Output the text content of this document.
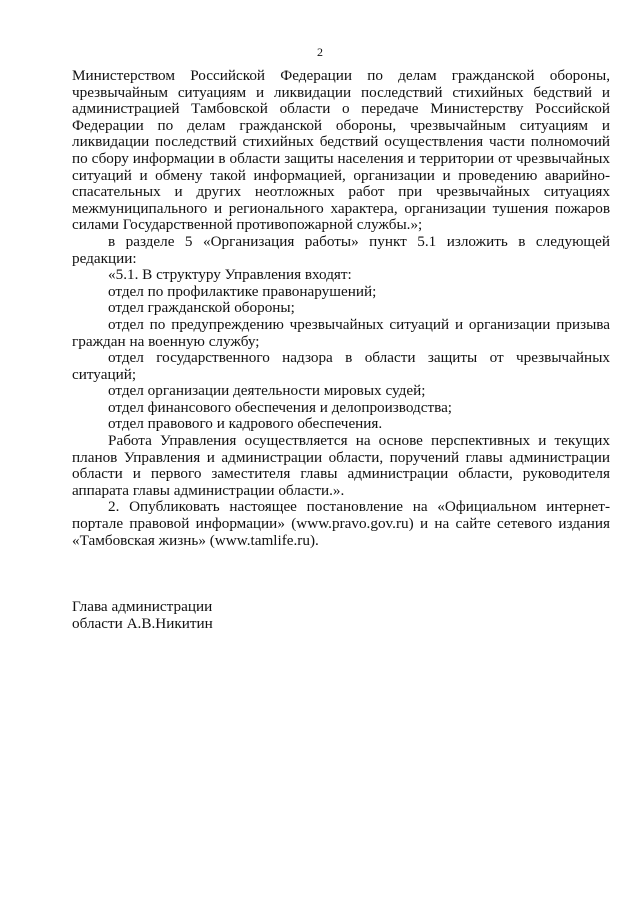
2

Министерством Российской Федерации по делам гражданской обороны, чрезвычайным ситуациям и ликвидации последствий стихийных бедствий и администрацией Тамбовской области о передаче Министерству Российской Федерации по делам гражданской обороны, чрезвычайным ситуациям и ликвидации последствий стихийных бедствий осуществления части полномочий по сбору информации в области защиты населения и территории от чрезвычайных ситуаций и обмену такой информацией, организации и проведению аварийно-спасательных и других неотложных работ при чрезвычайных ситуациях межмуниципального и регионального характера, организации тушения пожаров силами Государственной противопожарной службы.»;

в разделе 5 «Организация работы» пункт 5.1 изложить в следующей редакции:

«5.1. В структуру Управления входят:

отдел по профилактике правонарушений;

отдел гражданской обороны;

отдел по предупреждению чрезвычайных ситуаций и организации призыва граждан на военную службу;

отдел государственного надзора в области защиты от чрезвычайных ситуаций;

отдел организации деятельности мировых судей;

отдел финансового обеспечения и делопроизводства;

отдел правового и кадрового обеспечения.

Работа Управления осуществляется на основе перспективных и текущих планов Управления и администрации области, поручений главы администрации области и первого заместителя главы администрации области, руководителя аппарата главы администрации области.».

2. Опубликовать настоящее постановление на «Официальном интернет-портале правовой информации» (www.pravo.gov.ru) и на сайте сетевого издания «Тамбовская жизнь» (www.tamlife.ru).

Глава администрации
области А.В.Никитин
